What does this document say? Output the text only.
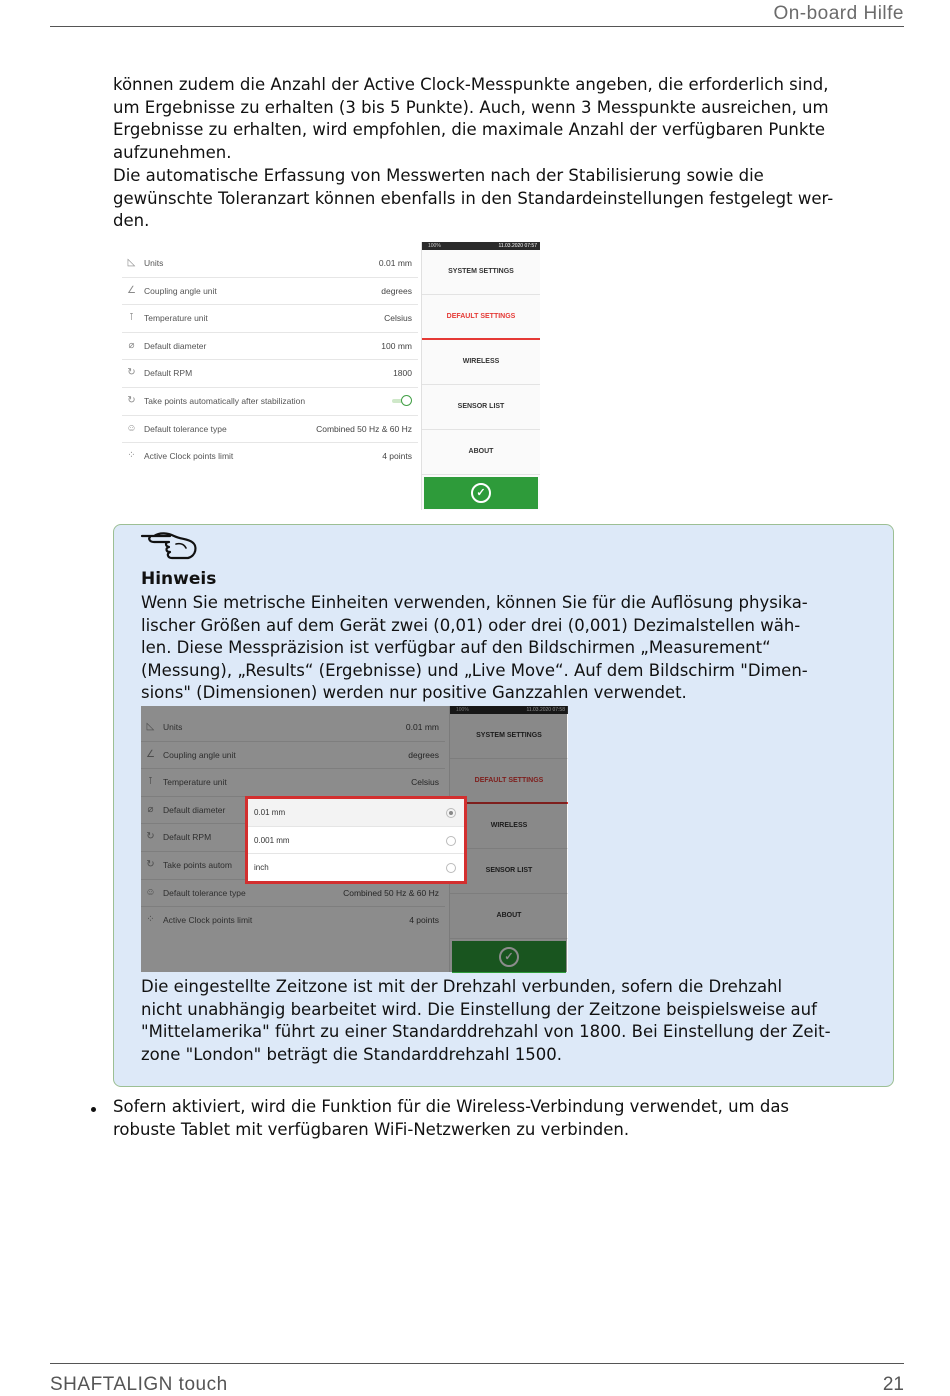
On-board Hilfe

können zudem die Anzahl der Active Clock-Messpunkte angeben, die erforderlich sind,
um Ergebnisse zu erhalten (3 bis 5 Punkte). Auch, wenn 3 Messpunkte ausreichen, um
Ergebnisse zu erhalten, wird empfohlen, die maximale Anzahl der verfügbaren Punkte
aufzunehmen.

Die automatische Erfassung von Messwerten nach der Stabilisierung sowie die
gewünschte Toleranzart können ebenfalls in den Standardeinstellungen festgelegt wer-
den.

◺ Units	0.01 mm
∠ Coupling angle unit	degrees
⊺	Temperature unit	Celsius
⌀ Default diameter	100 mm
↻ Default RPM	1800
↻ Take points automatically after stabilization
☺ Default tolerance type	Combined 50 Hz & 60 Hz
⁘ Active Clock points limit	4 points
100%	11.03.2020 07:57
SYSTEM SETTINGS
DEFAULT SETTINGS
WIRELESS
SENSOR LIST
ABOUT
✓

Hinweis

Wenn Sie metrische Einheiten verwenden, können Sie für die Auflösung physika-
lischer Größen auf dem Gerät zwei (0,01) oder drei (0,001) Dezimalstellen wäh-
len. Diese Messpräzision ist verfügbar auf den Bildschirmen „Measurement“
(Messung), „Results“ (Ergebnisse) und „Live Move“. Auf dem Bildschirm "Dimen-
sions" (Dimensionen) werden nur positive Ganzzahlen verwendet.

◺ Units	0.01 mm
∠ Coupling angle unit	degrees
⊺	Temperature unit	Celsius
⌀ Default diameter
↻ Default RPM
↻ Take points autom
☺ Default tolerance type	Combined 50 Hz & 60 Hz
⁘ Active Clock points limit	4 points
100%	11.03.2020 07:58
SYSTEM SETTINGS
DEFAULT SETTINGS
WIRELESS
SENSOR LIST
ABOUT
✓
0.01 mm
0.001 mm
inch

Die eingestellte Zeitzone ist mit der Drehzahl verbunden, sofern die Drehzahl
nicht unabhängig bearbeitet wird. Die Einstellung der Zeitzone beispielsweise auf
"Mittelamerika" führt zu einer Standarddrehzahl von 1800. Bei Einstellung der Zeit-
zone "London" beträgt die Standarddrehzahl 1500.

Sofern aktiviert, wird die Funktion für die Wireless-Verbindung verwendet, um das
robuste Tablet mit verfügbaren WiFi-Netzwerken zu verbinden.

SHAFTALIGN touch	21
